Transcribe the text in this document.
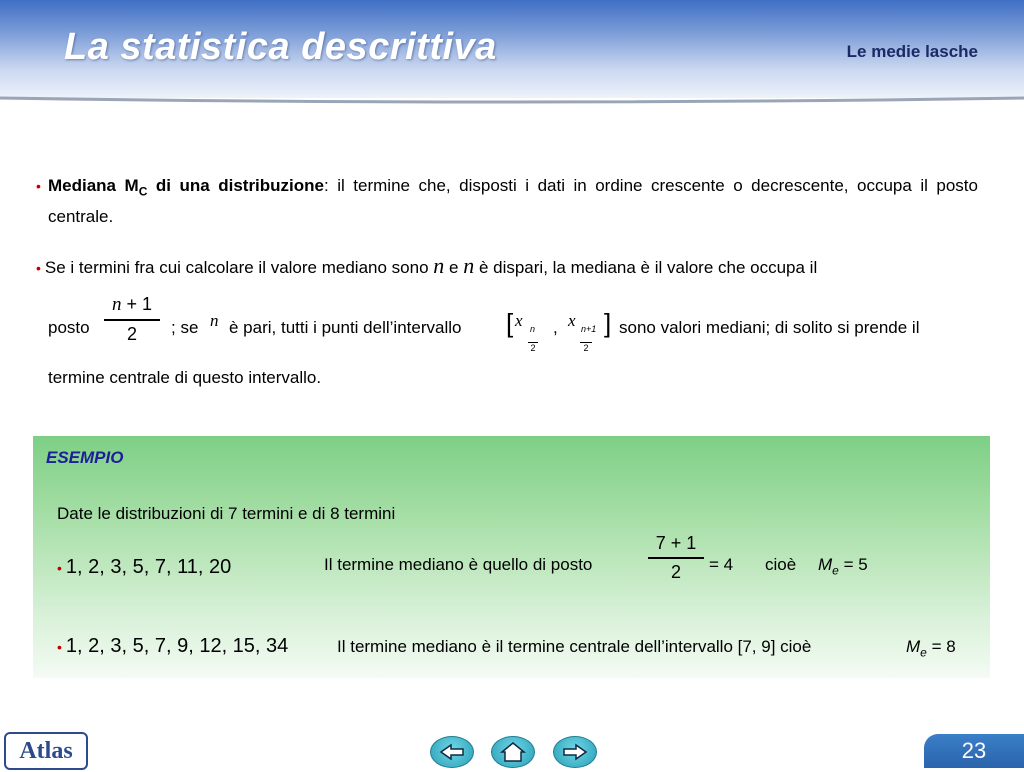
La statistica descrittiva	Le medie lasche
• Mediana $M_C$ di una distribuzione: il termine che, disposti i dati in ordine crescente o decrescente, occupa il posto centrale.
• Se i termini fra cui calcolare il valore mediano sono n e n è dispari, la mediana è il valore che occupa il
posto
n + 1
2	; se n è pari, tutti i punti dell’intervallo [ x n
2
, x n+1
2
] sono valori mediani; di solito si prende il
termine centrale di questo intervallo.
ESEMPIO
Date le distribuzioni di 7 termini e di 8 termini
• 1, 2, 3, 5, 7, 11, 20	Il termine mediano è quello di posto
7 + 1
2	= 4 cioè $M_e = 5$
• 1, 2, 3, 5, 7, 9, 12, 15, 34	Il termine mediano è il termine centrale dell’intervallo [7, 9] cioè	$M_e = 8$
Atlas	23
